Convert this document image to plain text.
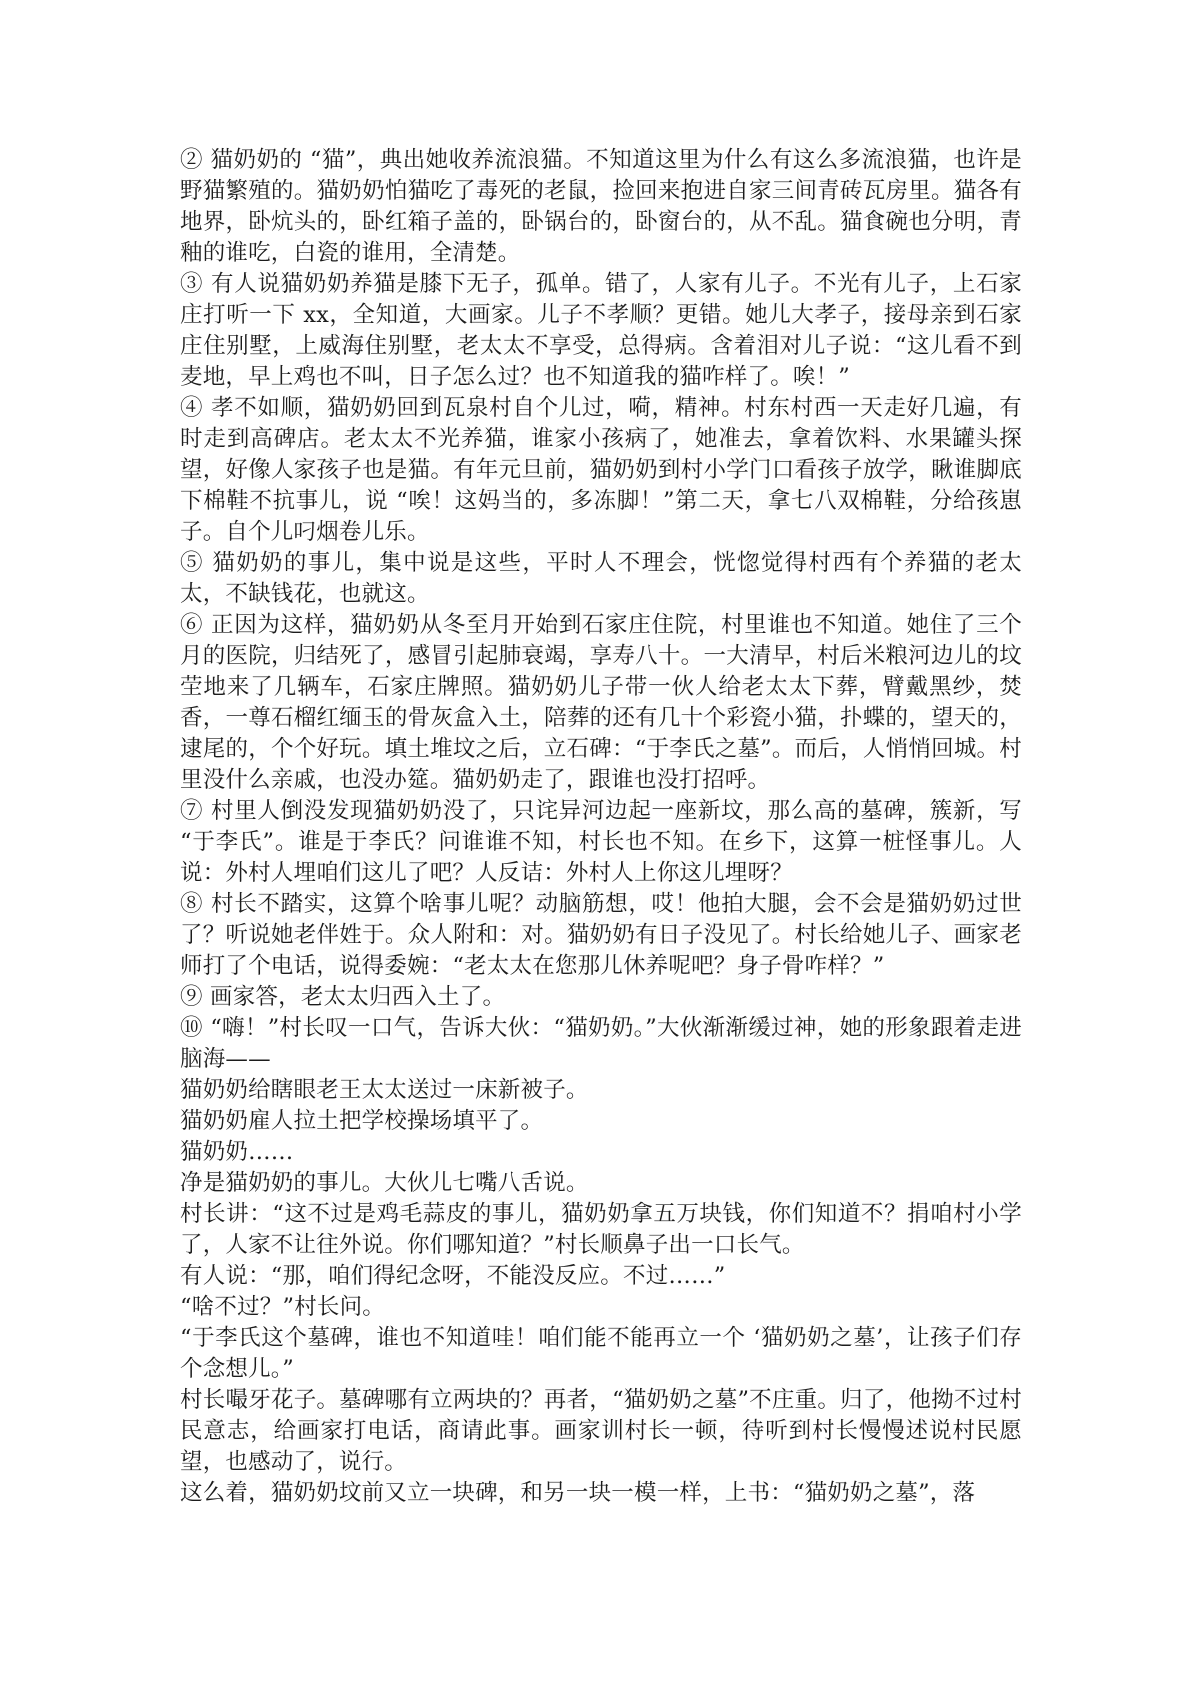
② 猫奶奶的 “猫”，典出她收养流浪猫。不知道这里为什么有这么多流浪猫，也许是野猫繁殖的。猫奶奶怕猫吃了毒死的老鼠，捡回来抱进自家三间青砖瓦房里。猫各有地界，卧炕头的，卧红箱子盖的，卧锅台的，卧窗台的，从不乱。猫食碗也分明，青釉的谁吃，白瓷的谁用，全清楚。

③ 有人说猫奶奶养猫是膝下无子，孤单。错了，人家有儿子。不光有儿子，上石家庄打听一下 xx，全知道，大画家。儿子不孝顺？更错。她儿大孝子，接母亲到石家庄住别墅，上威海住别墅，老太太不享受，总得病。含着泪对儿子说：“这儿看不到麦地，早上鸡也不叫，日子怎么过？也不知道我的猫咋样了。唉！”

④ 孝不如顺，猫奶奶回到瓦泉村自个儿过，嗬，精神。村东村西一天走好几遍，有时走到高碑店。老太太不光养猫，谁家小孩病了，她准去，拿着饮料、水果罐头探望，好像人家孩子也是猫。有年元旦前，猫奶奶到村小学门口看孩子放学，瞅谁脚底下棉鞋不抗事儿，说 “唉！这妈当的，多冻脚！”第二天，拿七八双棉鞋，分给孩崽子。自个儿叼烟卷儿乐。

⑤ 猫奶奶的事儿，集中说是这些，平时人不理会，恍惚觉得村西有个养猫的老太太，不缺钱花，也就这。

⑥ 正因为这样，猫奶奶从冬至月开始到石家庄住院，村里谁也不知道。她住了三个月的医院，归结死了，感冒引起肺衰竭，享寿八十。一大清早，村后米粮河边儿的坟茔地来了几辆车，石家庄牌照。猫奶奶儿子带一伙人给老太太下葬，臂戴黑纱，焚香，一尊石榴红缅玉的骨灰盒入土，陪葬的还有几十个彩瓷小猫，扑蝶的，望天的，逮尾的，个个好玩。填土堆坟之后，立石碑：“于李氏之墓”。而后，人悄悄回城。村里没什么亲戚，也没办筵。猫奶奶走了，跟谁也没打招呼。

⑦ 村里人倒没发现猫奶奶没了，只诧异河边起一座新坟，那么高的墓碑，簇新，写 “于李氏”。谁是于李氏？问谁谁不知，村长也不知。在乡下，这算一桩怪事儿。人说：外村人埋咱们这儿了吧？人反诘：外村人上你这儿埋呀？

⑧ 村长不踏实，这算个啥事儿呢？动脑筋想，哎！他拍大腿，会不会是猫奶奶过世了？听说她老伴姓于。众人附和：对。猫奶奶有日子没见了。村长给她儿子、画家老师打了个电话，说得委婉：“老太太在您那儿休养呢吧？身子骨咋样？”

⑨ 画家答，老太太归西入土了。

⑩ “嗨！”村长叹一口气，告诉大伙：“猫奶奶。”大伙渐渐缓过神，她的形象跟着走进脑海——

猫奶奶给瞎眼老王太太送过一床新被子。

猫奶奶雇人拉土把学校操场填平了。

猫奶奶……

净是猫奶奶的事儿。大伙儿七嘴八舌说。

村长讲：“这不过是鸡毛蒜皮的事儿，猫奶奶拿五万块钱，你们知道不？捐咱村小学了，人家不让往外说。你们哪知道？”村长顺鼻子出一口长气。

有人说：“那，咱们得纪念呀，不能没反应。不过……”

“啥不过？”村长问。

“于李氏这个墓碑，谁也不知道哇！咱们能不能再立一个 ‘猫奶奶之墓’，让孩子们存个念想儿。”

村长嘬牙花子。墓碑哪有立两块的？再者，“猫奶奶之墓”不庄重。归了，他拗不过村民意志，给画家打电话，商请此事。画家训村长一顿，待听到村长慢慢述说村民愿望，也感动了，说行。

这么着，猫奶奶坟前又立一块碑，和另一块一模一样，上书：“猫奶奶之墓”，落
